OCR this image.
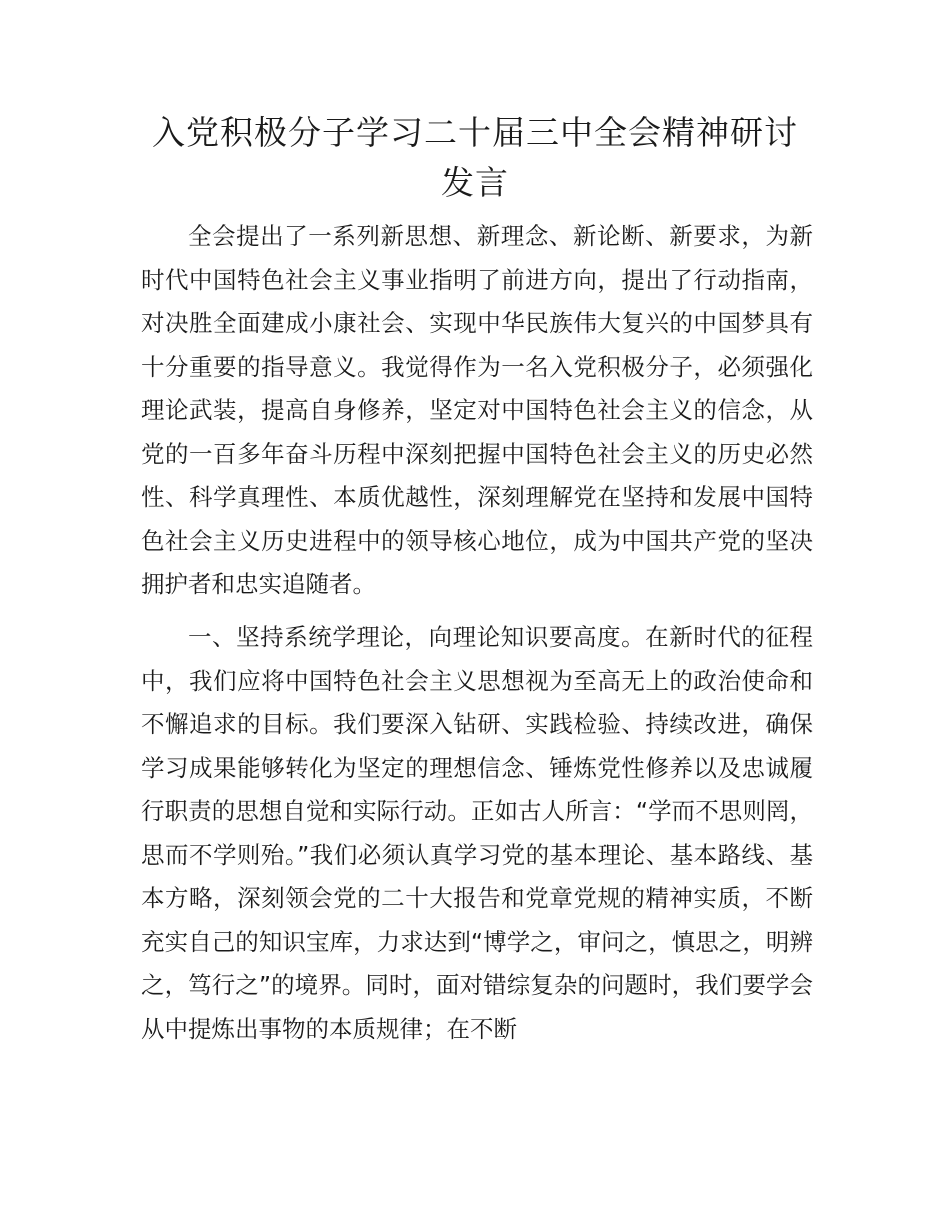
入党积极分子学习二十届三中全会精神研讨发言

全会提出了一系列新思想、新理念、新论断、新要求，为新时代中国特色社会主义事业指明了前进方向，提出了行动指南，对决胜全面建成小康社会、实现中华民族伟大复兴的中国梦具有十分重要的指导意义。我觉得作为一名入党积极分子，必须强化理论武装，提高自身修养，坚定对中国特色社会主义的信念，从党的一百多年奋斗历程中深刻把握中国特色社会主义的历史必然性、科学真理性、本质优越性，深刻理解党在坚持和发展中国特色社会主义历史进程中的领导核心地位，成为中国共产党的坚决拥护者和忠实追随者。

一、坚持系统学理论，向理论知识要高度。在新时代的征程中，我们应将中国特色社会主义思想视为至高无上的政治使命和不懈追求的目标。我们要深入钻研、实践检验、持续改进，确保学习成果能够转化为坚定的理想信念、锤炼党性修养以及忠诚履行职责的思想自觉和实际行动。正如古人所言：“学而不思则罔，思而不学则殆。”我们必须认真学习党的基本理论、基本路线、基本方略，深刻领会党的二十大报告和党章党规的精神实质，不断充实自己的知识宝库，力求达到“博学之，审问之，慎思之，明辨之，笃行之”的境界。同时，面对错综复杂的问题时，我们要学会从中提炼出事物的本质规律；在不断
